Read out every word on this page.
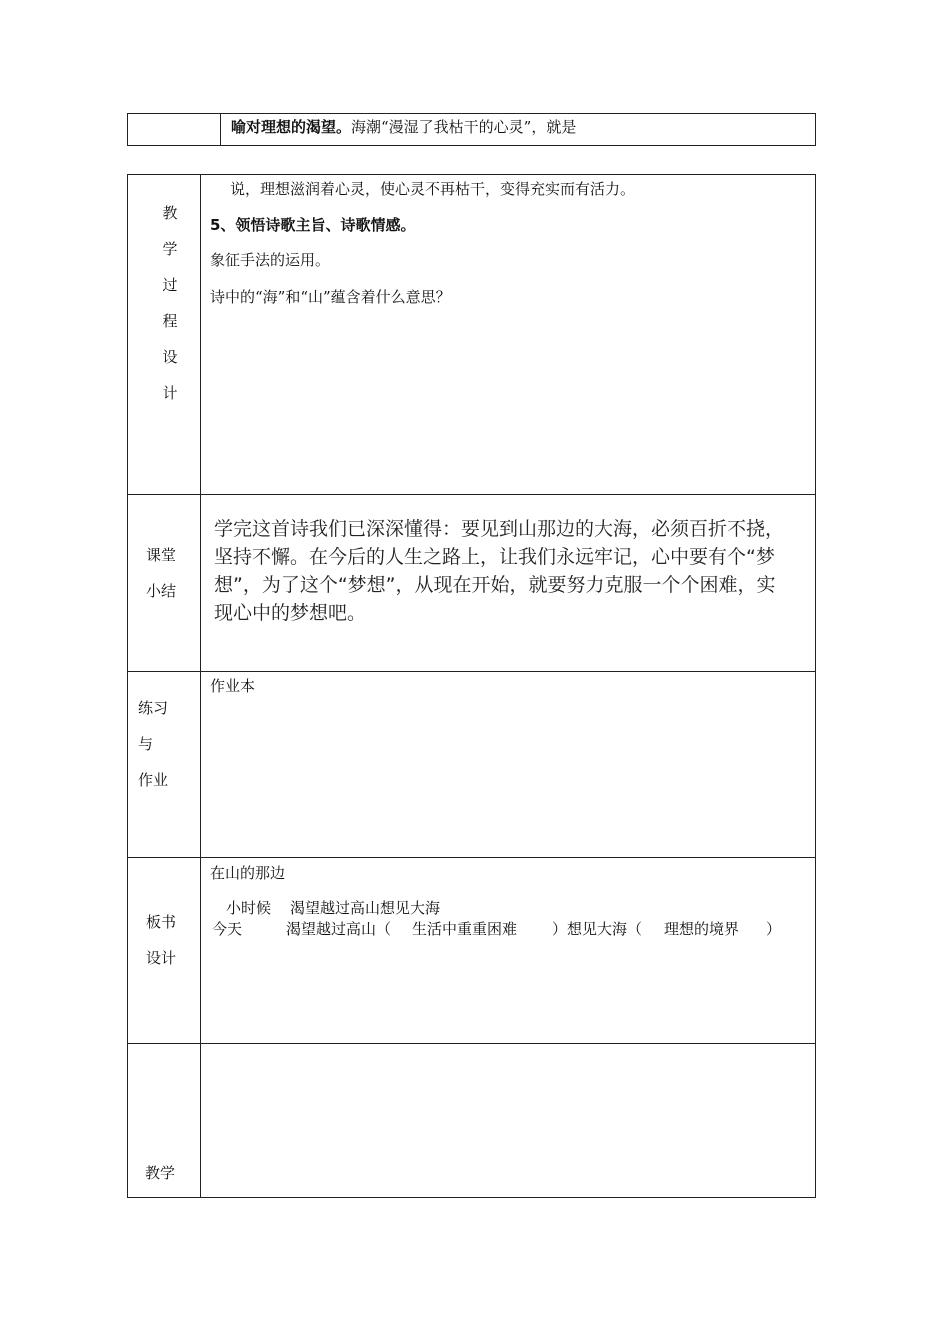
喻对理想的渴望。海潮“漫湿了我枯干的心灵”，就是
教
学
过
程
设
计
说，理想滋润着心灵，使心灵不再枯干，变得充实而有活力。
5、领悟诗歌主旨、诗歌情感。
象征手法的运用。
诗中的“海”和“山”蕴含着什么意思？
课堂
小结
学完这首诗我们已深深懂得：要见到山那边的大海，必须百折不挠，
坚持不懈。在今后的人生之路上，让我们永远牢记，心中要有个“梦
想”，为了这个“梦想”，从现在开始，就要努力克服一个个困难，实
现心中的梦想吧。
练习
与
作业
作业本
板书
设计
在山的那边
小时候 渴望越过高山想见大海
今天	渴望越过高山（ 生活中重重困难 ）想见大海（ 理想的境界 ）
教学
